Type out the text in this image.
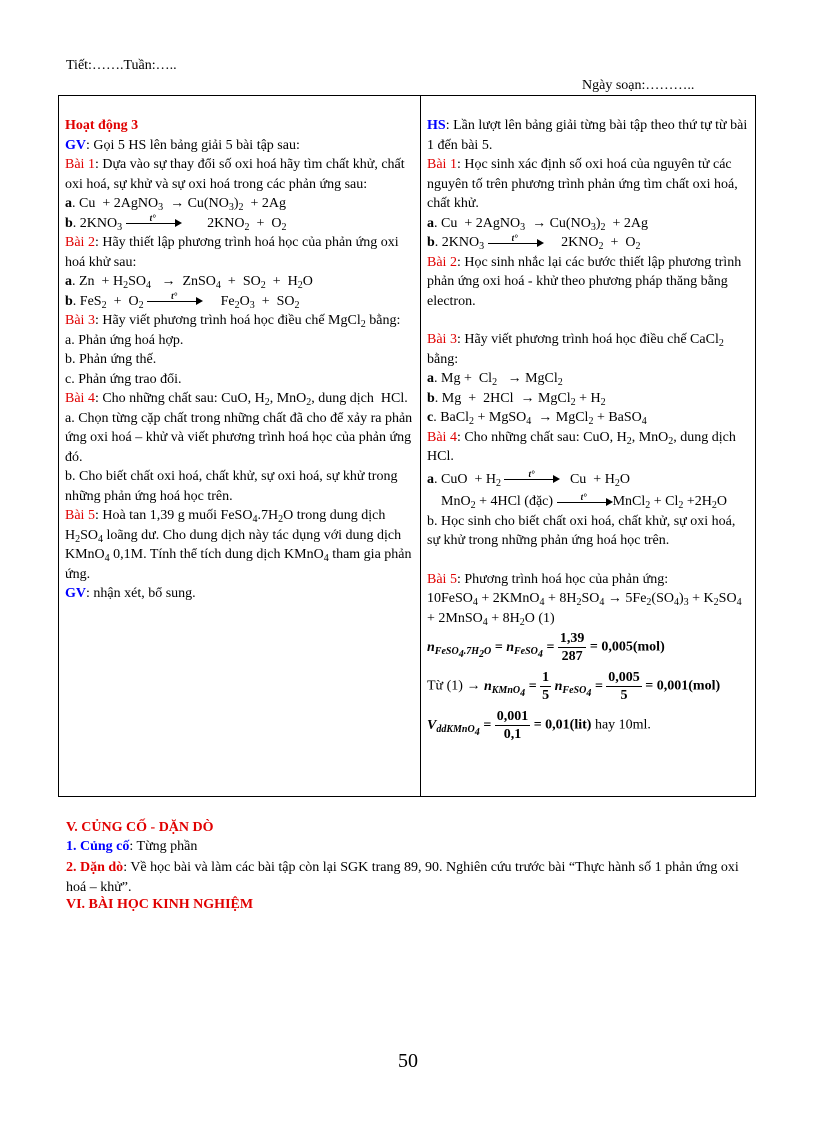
Tiết:…….Tuần:…..
Ngày soạn:………..
Hoạt động 3
GV: Gọi 5 HS lên bảng giải 5 bài tập sau:
Bài 1: Dựa vào sự thay đổi số oxi hoá hãy tìm chất khử, chất oxi hoá, sự khử và sự oxi hoá trong các phản ứng sau:
a. Cu  + 2AgNO$_3$  → $Cu(NO_3)_2 + 2Ag$
b. $2KNO_3$
t°	$2KNO_2 + O_2$
Bài 2: Hãy thiết lập phương trình hoá học của phản ứng oxi hoá khử sau:
a. $Zn + H_2SO_4$   →  ZnSO$_4$  +  $SO_2 + H_2O$
b. $FeS_2 + O_2$
t°	$Fe_2O_3 + SO_2$
Bài 3: Hãy viết phương trình hoá học điều chế MgCl$_2$ bằng:
a. Phản ứng hoá hợp.
b. Phản ứng thế.
c. Phản ứng trao đổi.
Bài 4: Cho những chất sau: CuO, $H_2$, MnO$_2$, dung dịch  HCl.
a. Chọn từng cặp chất trong những chất đã cho để xảy ra phản ứng oxi hoá – khử và viết phương trình hoá học của phản ứng đó.
b. Cho biết chất oxi hoá, chất khử, sự oxi hoá, sự khử trong những phản ứng hoá học trên.
Bài 5: Hoà tan 1,39 g muối $FeSO_4.7H_2O$ trong dung dịch $H_2SO_4$ loãng dư. Cho dung dịch này tác dụng với dung dịch KMnO$_4$ 0,1M. Tính thể tích dung dịch KMnO$_4$ tham gia phản ứng.
GV: nhận xét, bổ sung.

HS: Lần lượt lên bảng giải từng bài tập theo thứ tự từ bài 1 đến bài 5.
Bài 1: Học sinh xác định số oxi hoá của nguyên tử các nguyên tố trên phương trình phản ứng tìm chất oxi hoá, chất khử.
a. Cu  + 2AgNO$_3$  → $Cu(NO_3)_2 + 2Ag$
b. $2KNO_3$
t°	$2KNO_2 + O_2$
Bài 2: Học sinh nhắc lại các bước thiết lập phương trình phản ứng oxi hoá - khử theo phương pháp thăng bằng electron.
Bài 3: Hãy viết phương trình hoá học điều chế CaCl$_2$ bằng:
a. $Mg + Cl_2$   → MgCl$_2$
b. Mg  +  2HCl  → MgCl$_2$ + $H_2$
c. BaCl$_2$ + MgSO$_4$  → MgCl$_2$ + BaSO$_4$
Bài 4: Cho những chất sau: CuO, $H_2$, MnO$_2$, dung dịch HCl.
a. CuO  + $H_2$
t°	$Cu + H_2O$
MnO$_2$ + 4HCl (đặc)	t° MnCl$_2$ + $Cl_2 +2H_2O$
b. Học sinh cho biết chất oxi hoá, chất khử, sự oxi hoá, sự khử trong những phản ứng hoá học trên.
Bài 5: Phương trình hoá học của phản ứng:
10FeSO$_4$ + 2KMnO$_4$ + $8H_2SO_4 \to 5Fe_2(SO_4)_3 + K_2SO_4$ + 2MnSO$_4$ + $8H_2O$ (1)
$n_{FeSO_4.7H_2O} = n_{FeSO_4} = \frac{1,39}{287} = 0,005(mol)$
Từ $(1) \to n_{KMnO_4} = \frac{1}{5} n_{FeSO_4} = \frac{0,005}{5} = 0,001(mol)$
$V_{ddKMnO_4} = \frac{0,001}{0,1} = 0,01(lit)$ hay 10ml.
V. CỦNG CỐ - DẶN DÒ
1. Củng cố: Từng phần
2. Dặn dò: Về học bài và làm các bài tập còn lại SGK trang 89, 90. Nghiên cứu trước bài “Thực hành số 1 phản ứng oxi hoá – khử”.
VI. BÀI HỌC KINH NGHIỆM
50
